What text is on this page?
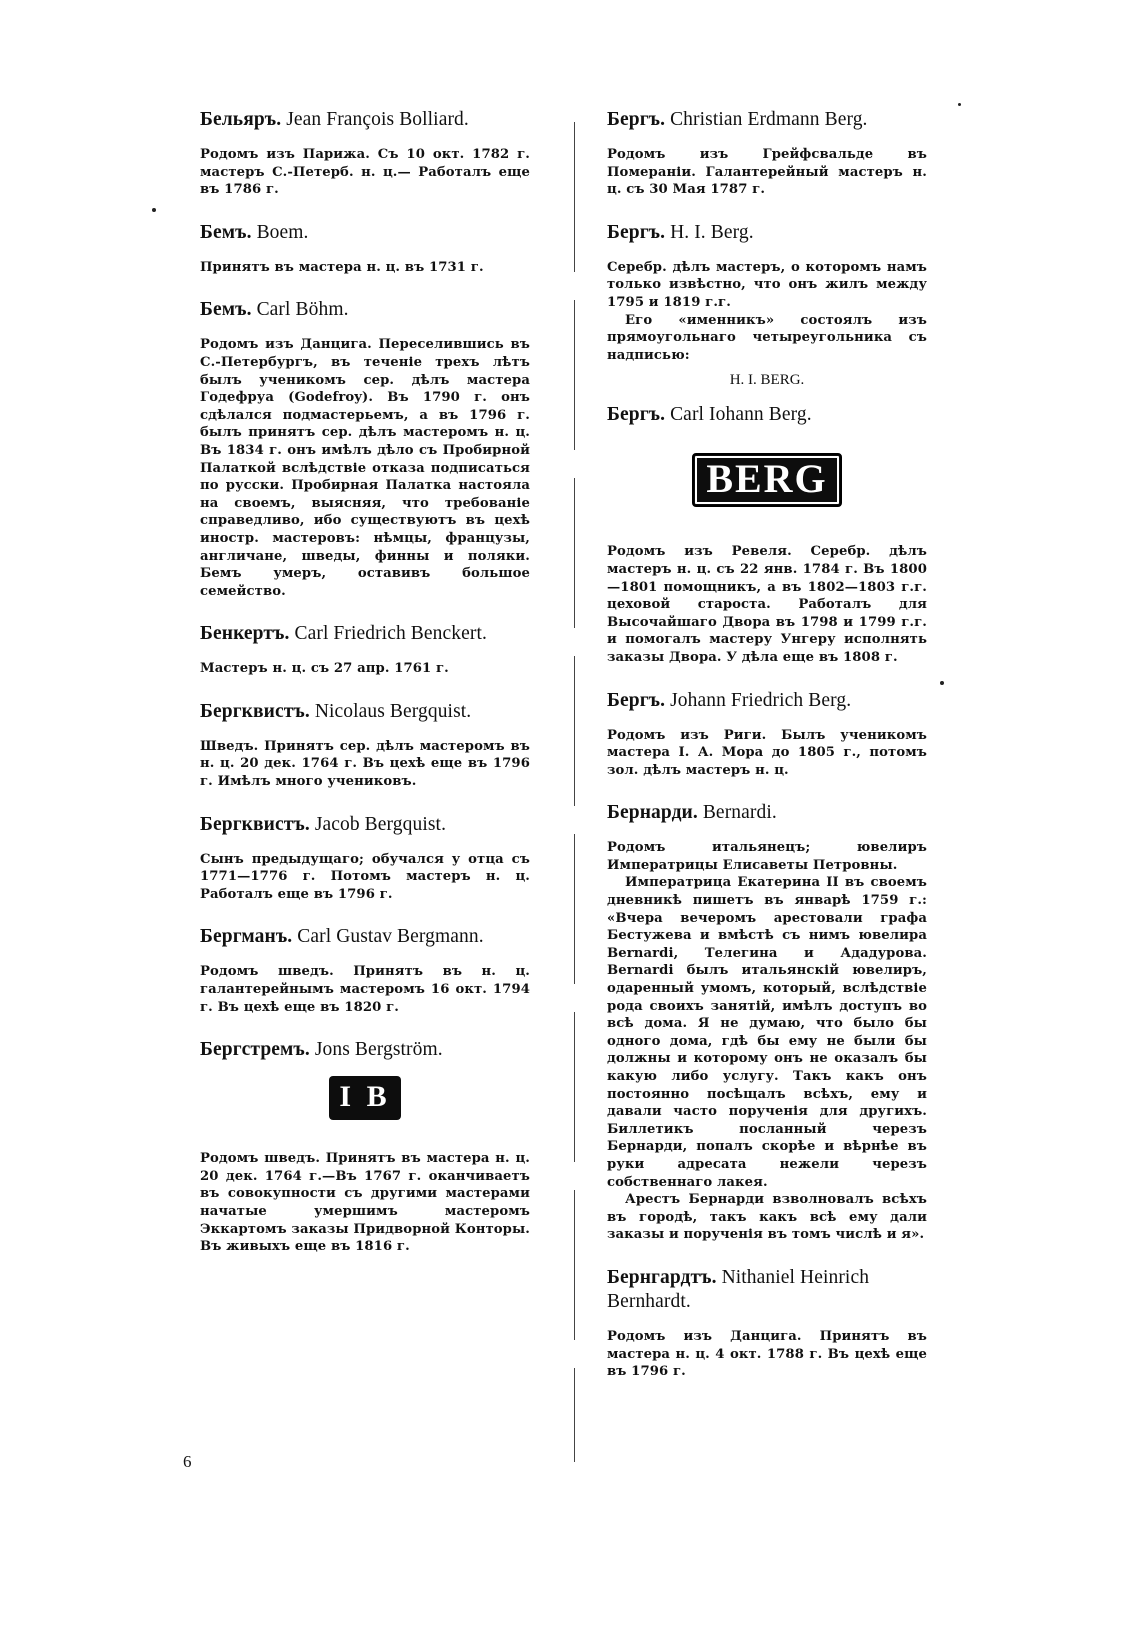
Бельяръ. Jean François Bolliard.

Родомъ изъ Парижа. Съ 10 окт. 1782 г. мастеръ С.-Петерб. н. ц.— Работалъ еще въ 1786 г.

Бемъ. Boem.

Принятъ въ мастера н. ц. въ 1731 г.

Бемъ. Carl Böhm.

Родомъ изъ Данцига. Переселившись въ С.-Петербургъ, въ теченіе трехъ лѣтъ былъ ученикомъ сер. дѣлъ мастера Годефруа (Godefroy). Въ 1790 г. онъ сдѣлался подмастерьемъ, а въ 1796 г. былъ принятъ сер. дѣлъ мастеромъ н. ц. Въ 1834 г. онъ имѣлъ дѣло съ Пробирной Палаткой вслѣдствіе отказа подписаться по русски. Пробирная Палатка настояла на своемъ, выясняя, что требованіе справедливо, ибо существуютъ въ цехѣ иностр. мастеровъ: нѣмцы, французы, англичане, шведы, финны и поляки. Бемъ умеръ, оставивъ большое семейство.

Бенкертъ. Carl Friedrich Benckert.

Мастеръ н. ц. съ 27 апр. 1761 г.

Бергквистъ. Nicolaus Bergquist.

Шведъ. Принятъ сер. дѣлъ мастеромъ въ н. ц. 20 дек. 1764 г. Въ цехѣ еще въ 1796 г. Имѣлъ много учениковъ.

Бергквистъ. Jacob Bergquist.

Сынъ предыдущаго; обучался у отца съ 1771—1776 г. Потомъ мастеръ н. ц. Работалъ еще въ 1796 г.

Бергманъ. Carl Gustav Bergmann.

Родомъ шведъ. Принятъ въ н. ц. галантерейнымъ мастеромъ 16 окт. 1794 г. Въ цехѣ еще въ 1820 г.

Бергстремъ. Jons Bergström.
I B

Родомъ шведъ. Принятъ въ мастера н. ц. 20 дек. 1764 г.—Въ 1767 г. оканчиваетъ въ совокупности съ другими мастерами начатые умершимъ мастеромъ Эккартомъ заказы Придворной Конторы. Въ живыхъ еще въ 1816 г.

Бергъ. Christian Erdmann Berg.

Родомъ изъ Грейфсвальде въ Помераніи. Галантерейный мастеръ н. ц. съ 30 Мая 1787 г.

Бергъ. H. I. Berg.

Серебр. дѣлъ мастеръ, о которомъ намъ только извѣстно, что онъ жилъ между 1795 и 1819 г.г.

Его «именникъ» состоялъ изъ прямоугольнаго четыреугольника съ надписью:

H. I. BERG.
Бергъ. Carl Iohann Berg.
BERG

Родомъ изъ Ревеля. Серебр. дѣлъ мастеръ н. ц. съ 22 янв. 1784 г. Въ 1800—1801 помощникъ, а въ 1802—1803 г.г. цеховой староста. Работалъ для Высочайшаго Двора въ 1798 и 1799 г.г. и помогалъ мастеру Унгеру исполнять заказы Двора. У дѣла еще въ 1808 г.

Бергъ. Johann Friedrich Berg.

Родомъ изъ Риги. Былъ ученикомъ мастера I. А. Мора до 1805 г., потомъ зол. дѣлъ мастеръ н. ц.

Бернарди. Bernardi.

Родомъ итальянецъ; ювелиръ Императрицы Елисаветы Петровны.

Императрица Екатерина II въ своемъ дневникѣ пишетъ въ январѣ 1759 г.: «Вчера вечеромъ арестовали графа Бестужева и вмѣстѣ съ нимъ ювелира Bernardi, Телегина и Ададурова. Bernardi былъ итальянскій ювелиръ, одаренный умомъ, который, вслѣдствіе рода своихъ занятій, имѣлъ доступъ во всѣ дома. Я не думаю, что было бы одного дома, гдѣ бы ему не были бы должны и которому онъ не оказалъ бы какую либо услугу. Такъ какъ онъ постоянно посѣщалъ всѣхъ, ему и давали часто порученія для другихъ. Биллетикъ посланный черезъ Бернарди, попалъ скорѣе и вѣрнѣе въ руки адресата нежели черезъ собственнаго лакея.

Арестъ Бернарди взволновалъ всѣхъ въ городѣ, такъ какъ всѣ ему дали заказы и порученія въ томъ числѣ и я».

Бернгардтъ. Nithaniel Heinrich Bernhardt.

Родомъ изъ Данцига. Принятъ въ мастера н. ц. 4 окт. 1788 г. Въ цехѣ еще въ 1796 г.

6
